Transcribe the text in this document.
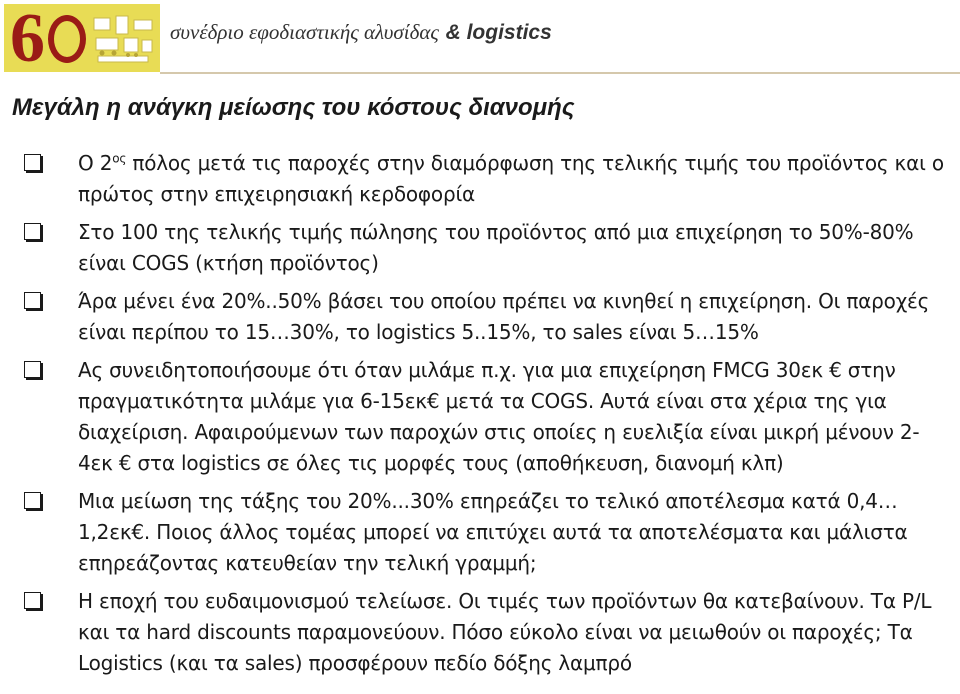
6	συνέδριο εφοδιαστικής αλυσίδας & logistics
Μεγάλη η ανάγκη μείωσης του κόστους διανομής
Ο $2^{o\varsigma}$ πόλος μετά τις παροχές στην διαμόρφωση της τελικής τιμής του προϊόντος και ο πρώτος στην επιχειρησιακή κερδοφορία
Στο 100 της τελικής τιμής πώλησης του προϊόντος από μια επιχείρηση το 50%-80% είναι COGS (κτήση προϊόντος)
Άρα μένει ένα 20%..50% βάσει του οποίου πρέπει να κινηθεί η επιχείρηση. Οι παροχές είναι περίπου το 15…30%, το logistics 5..15%, το sales είναι 5…15%
Ας συνειδητοποιήσουμε ότι όταν μιλάμε π.χ. για μια επιχείρηση FMCG 30εκ € στην πραγματικότητα μιλάμε για 6-15εκ€ μετά τα COGS. Αυτά είναι στα χέρια της για διαχείριση. Αφαιρούμενων των παροχών στις οποίες η ευελιξία είναι μικρή μένουν 2-4εκ € στα logistics σε όλες τις μορφές τους (αποθήκευση, διανομή κλπ)
Μια μείωση της τάξης του 20%...30% επηρεάζει το τελικό αποτέλεσμα κατά 0,4…1,2εκ€. Ποιος άλλος τομέας μπορεί να επιτύχει αυτά τα αποτελέσματα και μάλιστα επηρεάζοντας κατευθείαν την τελική γραμμή;
Η εποχή του ευδαιμονισμού τελείωσε. Οι τιμές των προϊόντων θα κατεβαίνουν. Τα P/L και τα hard discounts παραμονεύουν. Πόσο εύκολο είναι να μειωθούν οι παροχές; Τα Logistics (και τα sales) προσφέρουν πεδίο δόξης λαμπρό
